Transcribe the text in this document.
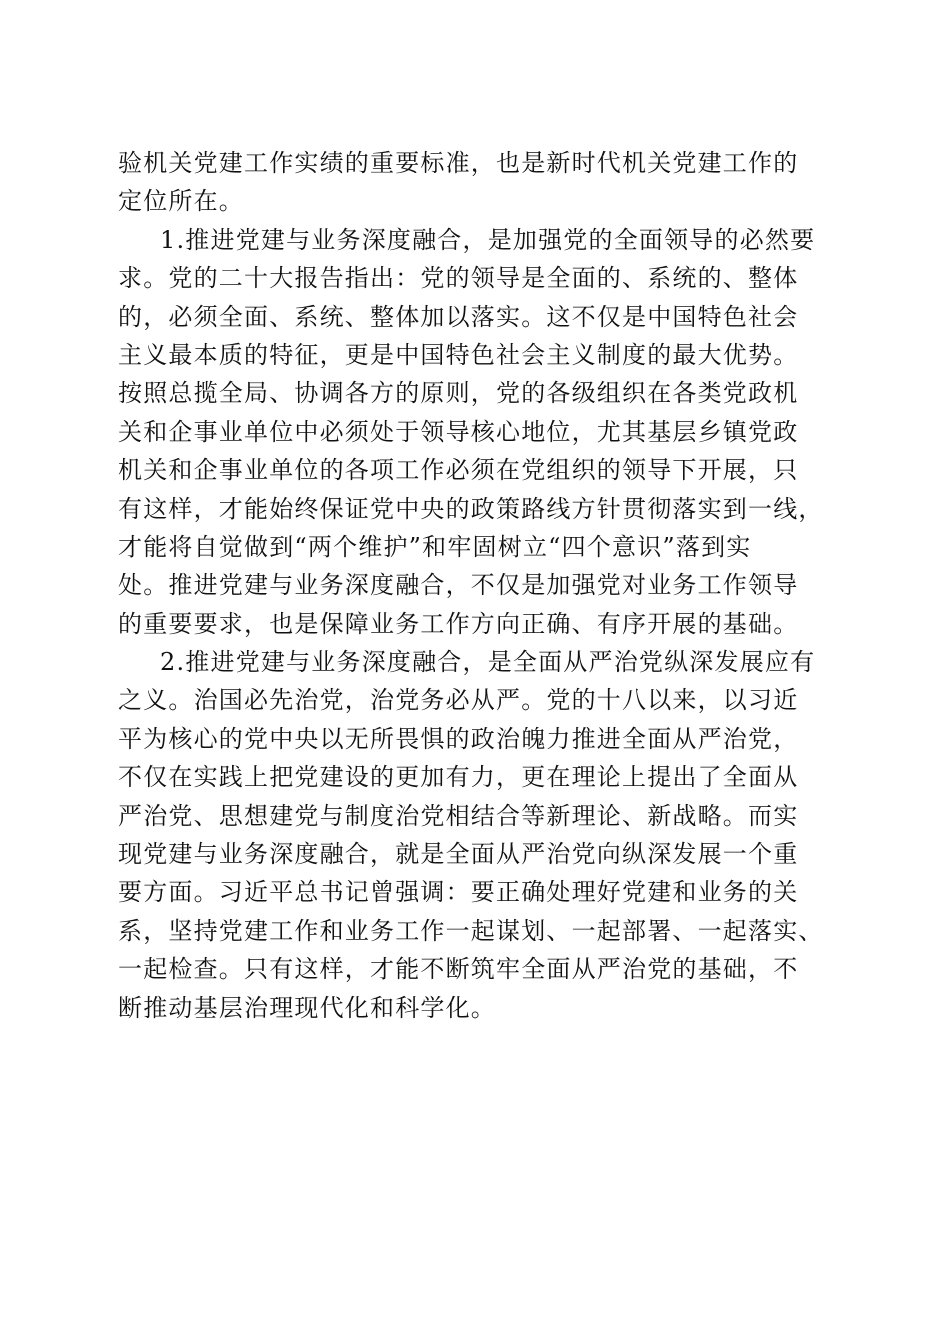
验机关党建工作实绩的重要标准，也是新时代机关党建工作的
定位所在。
1.推进党建与业务深度融合，是加强党的全面领导的必然要
求。党的二十大报告指出：党的领导是全面的、系统的、整体
的，必须全面、系统、整体加以落实。这不仅是中国特色社会
主义最本质的特征，更是中国特色社会主义制度的最大优势。
按照总揽全局、协调各方的原则，党的各级组织在各类党政机
关和企事业单位中必须处于领导核心地位，尤其基层乡镇党政
机关和企事业单位的各项工作必须在党组织的领导下开展，只
有这样，才能始终保证党中央的政策路线方针贯彻落实到一线，
才能将自觉做到“两个维护”和牢固树立“四个意识”落到实
处。推进党建与业务深度融合，不仅是加强党对业务工作领导
的重要要求，也是保障业务工作方向正确、有序开展的基础。
2.推进党建与业务深度融合，是全面从严治党纵深发展应有
之义。治国必先治党，治党务必从严。党的十八以来，以习近
平为核心的党中央以无所畏惧的政治魄力推进全面从严治党，
不仅在实践上把党建设的更加有力，更在理论上提出了全面从
严治党、思想建党与制度治党相结合等新理论、新战略。而实
现党建与业务深度融合，就是全面从严治党向纵深发展一个重
要方面。习近平总书记曾强调：要正确处理好党建和业务的关
系，坚持党建工作和业务工作一起谋划、一起部署、一起落实、
一起检查。只有这样，才能不断筑牢全面从严治党的基础，不
断推动基层治理现代化和科学化。
